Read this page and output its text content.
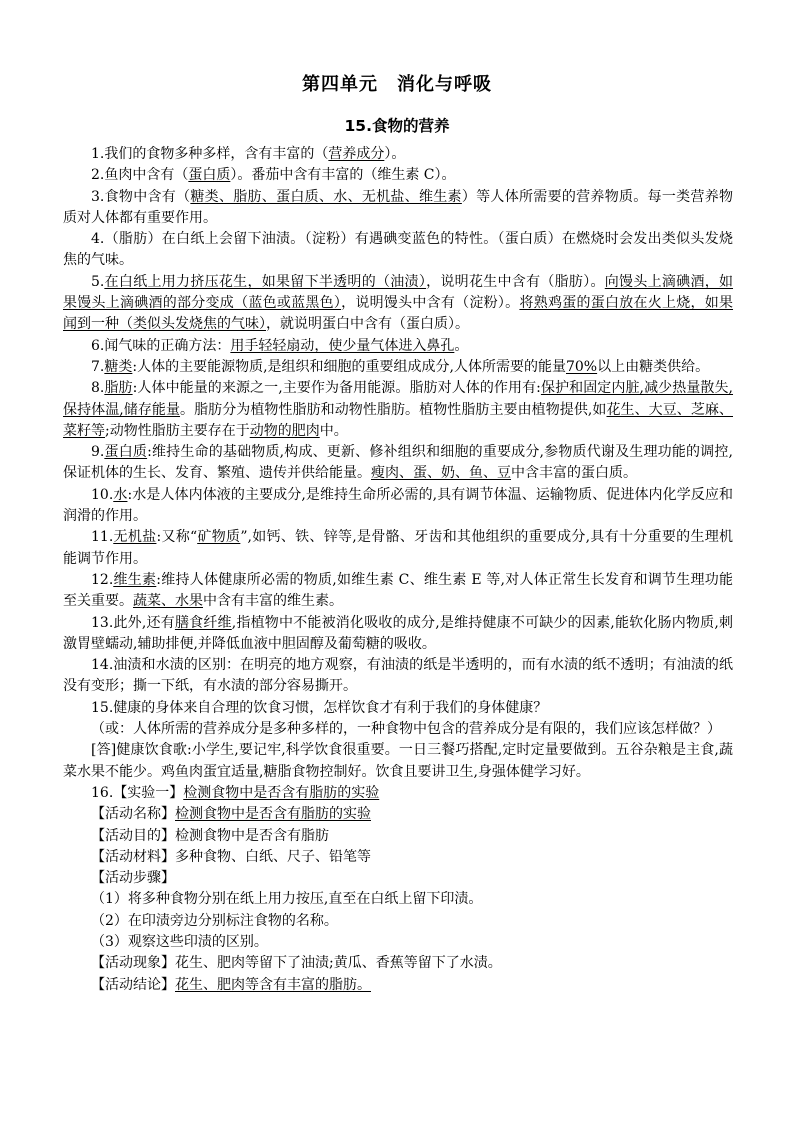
第四单元　消化与呼吸
15.食物的营养

1.我们的食物多种多样，含有丰富的（营养成分）。

2.鱼肉中含有（蛋白质）。番茄中含有丰富的（维生素 C）。

3.食物中含有（糖类、脂肪、蛋白质、水、无机盐、维生素）等人体所需要的营养物质。每一类营养物质对人体都有重要作用。

4.（脂肪）在白纸上会留下油渍。（淀粉）有遇碘变蓝色的特性。（蛋白质）在燃烧时会发出类似头发烧焦的气味。

5.在白纸上用力挤压花生，如果留下半透明的（油渍），说明花生中含有（脂肪）。向馒头上滴碘酒，如果馒头上滴碘酒的部分变成（蓝色或蓝黑色），说明馒头中含有（淀粉）。将熟鸡蛋的蛋白放在火上烧，如果闻到一种（类似头发烧焦的气味），就说明蛋白中含有（蛋白质）。

6.闻气味的正确方法：用手轻轻扇动，使少量气体进入鼻孔。

7.糖类:人体的主要能源物质,是组织和细胞的重要组成成分,人体所需要的能量70%以上由糖类供给。

8.脂肪:人体中能量的来源之一,主要作为备用能源。脂肪对人体的作用有:保护和固定内脏,减少热量散失,保持体温,储存能量。脂肪分为植物性脂肪和动物性脂肪。植物性脂肪主要由植物提供,如花生、大豆、芝麻、菜籽等;动物性脂肪主要存在于动物的肥肉中。

9.蛋白质:维持生命的基础物质,构成、更新、修补组织和细胞的重要成分,参物质代谢及生理功能的调控,保证机体的生长、发育、繁殖、遗传并供给能量。瘦肉、蛋、奶、鱼、豆中含丰富的蛋白质。

10.水:水是人体内体液的主要成分,是维持生命所必需的,具有调节体温、运输物质、促进体内化学反应和润滑的作用。

11.无机盐:又称“矿物质”,如钙、铁、锌等,是骨骼、牙齿和其他组织的重要成分,具有十分重要的生理机能调节作用。

12.维生素:维持人体健康所必需的物质,如维生素 C、维生素 E 等,对人体正常生长发育和调节生理功能至关重要。蔬菜、水果中含有丰富的维生素。

13.此外,还有膳食纤维,指植物中不能被消化吸收的成分,是维持健康不可缺少的因素,能软化肠内物质,刺激胃壁蠕动,辅助排便,并降低血液中胆固醇及葡萄糖的吸收。

14.油渍和水渍的区别：在明亮的地方观察，有油渍的纸是半透明的，而有水渍的纸不透明；有油渍的纸没有变形；撕一下纸，有水渍的部分容易撕开。

15.健康的身体来自合理的饮食习惯，怎样饮食才有利于我们的身体健康？

（或：人体所需的营养成分是多种多样的，一种食物中包含的营养成分是有限的，我们应该怎样做？）

[答]健康饮食歌:小学生,要记牢,科学饮食很重要。一日三餐巧搭配,定时定量要做到。五谷杂粮是主食,蔬菜水果不能少。鸡鱼肉蛋宜适量,糖脂食物控制好。饮食且要讲卫生,身强体健学习好。

16.【实验一】检测食物中是否含有脂肪的实验

【活动名称】检测食物中是否含有脂肪的实验

【活动目的】检测食物中是否含有脂肪

【活动材料】多种食物、白纸、尺子、铅笔等

【活动步骤】

（1）将多种食物分别在纸上用力按压,直至在白纸上留下印渍。

（2）在印渍旁边分别标注食物的名称。

（3）观察这些印渍的区别。

【活动现象】花生、肥肉等留下了油渍;黄瓜、香蕉等留下了水渍。

【活动结论】花生、肥肉等含有丰富的脂肪。
